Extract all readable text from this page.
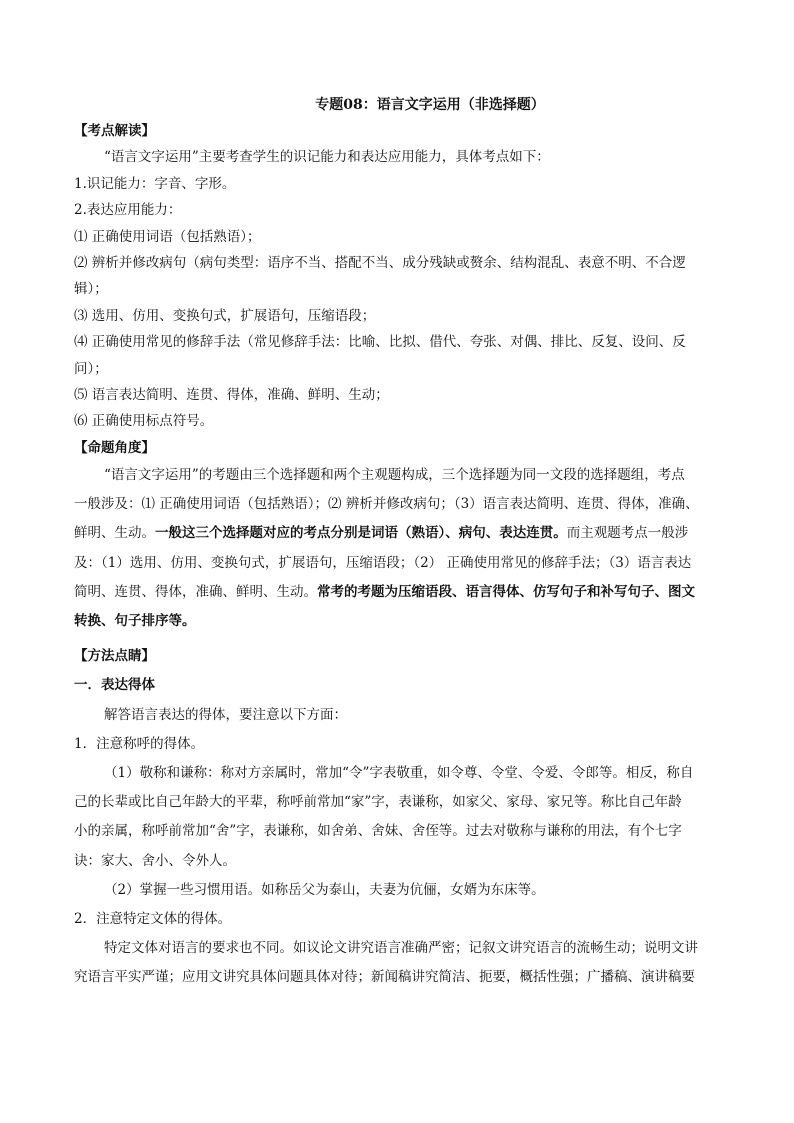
专题08：语言文字运用（非选择题）
【考点解读】
“语言文字运用”主要考查学生的识记能力和表达应用能力，具体考点如下：
1.识记能力：字音、字形。
2.表达应用能力：
⑴ 正确使用词语（包括熟语）；
⑵ 辨析并修改病句（病句类型：语序不当、搭配不当、成分残缺或赘余、结构混乱、表意不明、不合逻
辑）；
⑶ 选用、仿用、变换句式，扩展语句，压缩语段；
⑷ 正确使用常见的修辞手法（常见修辞手法：比喻、比拟、借代、夸张、对偶、排比、反复、设问、反
问）；
⑸ 语言表达简明、连贯、得体，准确、鲜明、生动；
⑹ 正确使用标点符号。
【命题角度】
“语言文字运用”的考题由三个选择题和两个主观题构成，三个选择题为同一文段的选择题组，考点
一般涉及：⑴ 正确使用词语（包括熟语）；⑵ 辨析并修改病句；（3）语言表达简明、连贯、得体，准确、
鲜明、生动。一般这三个选择题对应的考点分别是词语（熟语）、病句、表达连贯。而主观题考点一般涉
及：（1）选用、仿用、变换句式，扩展语句，压缩语段；（2） 正确使用常见的修辞手法；（3）语言表达
简明、连贯、得体，准确、鲜明、生动。常考的考题为压缩语段、语言得体、仿写句子和补写句子、图文
转换、句子排序等。
【方法点睛】
一．表达得体
解答语言表达的得体，要注意以下方面：
1．注意称呼的得体。
（1）敬称和谦称：称对方亲属时，常加“令”字表敬重，如令尊、令堂、令爱、令郎等。相反，称自
己的长辈或比自己年龄大的平辈，称呼前常加“家”字，表谦称，如家父、家母、家兄等。称比自己年龄
小的亲属，称呼前常加“舍”字，表谦称，如舍弟、舍妹、舍侄等。过去对敬称与谦称的用法，有个七字
诀：家大、舍小、令外人。
（2）掌握一些习惯用语。如称岳父为泰山，夫妻为伉俪，女婿为东床等。
2．注意特定文体的得体。
特定文体对语言的要求也不同。如议论文讲究语言准确严密；记叙文讲究语言的流畅生动；说明文讲
究语言平实严谨；应用文讲究具体问题具体对待；新闻稿讲究简洁、扼要，概括性强；广播稿、演讲稿要
